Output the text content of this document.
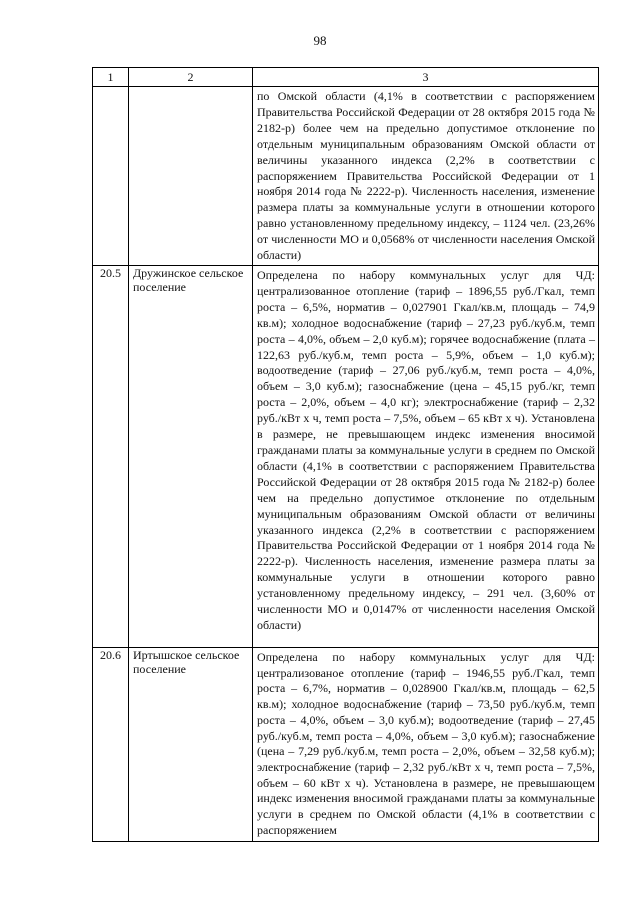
98
1	2	3

		по Омской области (4,1% в соответствии с распоряжением Правительства Российской Федерации от 28 октября 2015 года № 2182-р) более чем на предельно допустимое отклонение по отдельным муниципальным образованиям Омской области от величины указанного индекса (2,2% в соответствии с распоряжением Правительства Российской Федерации от 1 ноября 2014 года № 2222-р). Численность населения, изменение размера платы за коммунальные услуги в отношении которого равно установленному предельному индексу, – 1124 чел. (23,26% от численности МО и 0,0568% от численности населения Омской области)

20.5	Дружинское сельское поселение	Определена по набору коммунальных услуг для ЧД: централизованное отопление (тариф – 1896,55 руб./Гкал, темп роста – 6,5%, норматив – 0,027901 Гкал/кв.м, площадь – 74,9 кв.м); холодное водоснабжение (тариф – 27,23 руб./куб.м, темп роста – 4,0%, объем – 2,0 куб.м); горячее водоснабжение (плата – 122,63 руб./куб.м, темп роста – 5,9%, объем – 1,0 куб.м); водоотведение (тариф – 27,06 руб./куб.м, темп роста – 4,0%, объем – 3,0 куб.м); газоснабжение (цена – 45,15 руб./кг, темп роста – 2,0%, объем – 4,0 кг); электроснабжение (тариф – 2,32 руб./кВт х ч, темп роста – 7,5%, объем – 65 кВт х ч). Установлена в размере, не превышающем индекс изменения вносимой гражданами платы за коммунальные услуги в среднем по Омской области (4,1% в соответствии с распоряжением Правительства Российской Федерации от 28 октября 2015 года № 2182-р) более чем на предельно допустимое отклонение по отдельным муниципальным образованиям Омской области от величины указанного индекса (2,2% в соответствии с распоряжением Правительства Российской Федерации от 1 ноября 2014 года № 2222-р). Численность населения, изменение размера платы за коммунальные услуги в отношении которого равно установленному предельному индексу, – 291 чел. (3,60% от численности МО и 0,0147% от численности населения Омской области)

20.6	Иртышское сельское поселение	Определена по набору коммунальных услуг для ЧД: централизованое отопление (тариф – 1946,55 руб./Гкал, темп роста – 6,7%, норматив – 0,028900 Гкал/кв.м, площадь – 62,5 кв.м); холодное водоснабжение (тариф – 73,50 руб./куб.м, темп роста – 4,0%, объем – 3,0 куб.м); водоотведение (тариф – 27,45 руб./куб.м, темп роста – 4,0%, объем – 3,0 куб.м); газоснабжение (цена – 7,29 руб./куб.м, темп роста – 2,0%, объем – 32,58 куб.м); электроснабжение (тариф – 2,32 руб./кВт х ч, темп роста – 7,5%, объем – 60 кВт х ч). Установлена в размере, не превышающем индекс изменения вносимой гражданами платы за коммунальные услуги в среднем по Омской области (4,1% в соответствии с распоряжением
